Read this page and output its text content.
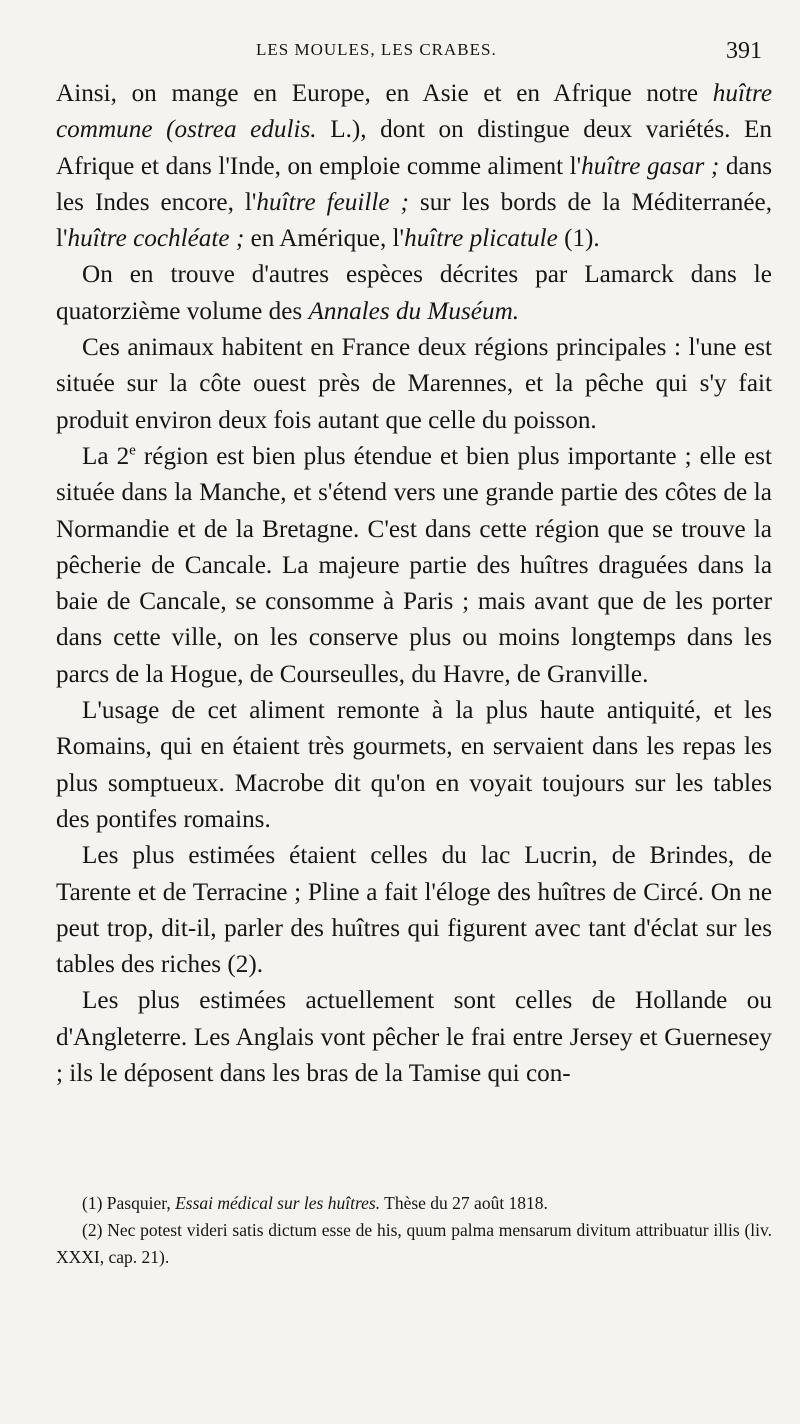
LES MOULES, LES CRABES.	391

Ainsi, on mange en Europe, en Asie et en Afrique notre huître commune (ostrea edulis. L.), dont on distingue deux variétés. En Afrique et dans l'Inde, on emploie comme aliment l'huître gasar ; dans les Indes encore, l'huître feuille ; sur les bords de la Méditerranée, l'huître cochléate ; en Amérique, l'huître plicatule (1).

On en trouve d'autres espèces décrites par Lamarck dans le quatorzième volume des Annales du Muséum.

Ces animaux habitent en France deux régions principales : l'une est située sur la côte ouest près de Marennes, et la pêche qui s'y fait produit environ deux fois autant que celle du poisson.

La 2e région est bien plus étendue et bien plus importante ; elle est située dans la Manche, et s'étend vers une grande partie des côtes de la Normandie et de la Bretagne. C'est dans cette région que se trouve la pêcherie de Cancale. La majeure partie des huîtres draguées dans la baie de Cancale, se consomme à Paris ; mais avant que de les porter dans cette ville, on les conserve plus ou moins longtemps dans les parcs de la Hogue, de Courseulles, du Havre, de Granville.

L'usage de cet aliment remonte à la plus haute antiquité, et les Romains, qui en étaient très gourmets, en servaient dans les repas les plus somptueux. Macrobe dit qu'on en voyait toujours sur les tables des pontifes romains.

Les plus estimées étaient celles du lac Lucrin, de Brindes, de Tarente et de Terracine ; Pline a fait l'éloge des huîtres de Circé. On ne peut trop, dit-il, parler des huîtres qui figurent avec tant d'éclat sur les tables des riches (2).

Les plus estimées actuellement sont celles de Hollande ou d'Angleterre. Les Anglais vont pêcher le frai entre Jersey et Guernesey ; ils le déposent dans les bras de la Tamise qui con-

(1) Pasquier, Essai médical sur les huîtres. Thèse du 27 août 1818.

(2) Nec potest videri satis dictum esse de his, quum palma mensarum divitum attribuatur illis (liv. XXXI, cap. 21).
